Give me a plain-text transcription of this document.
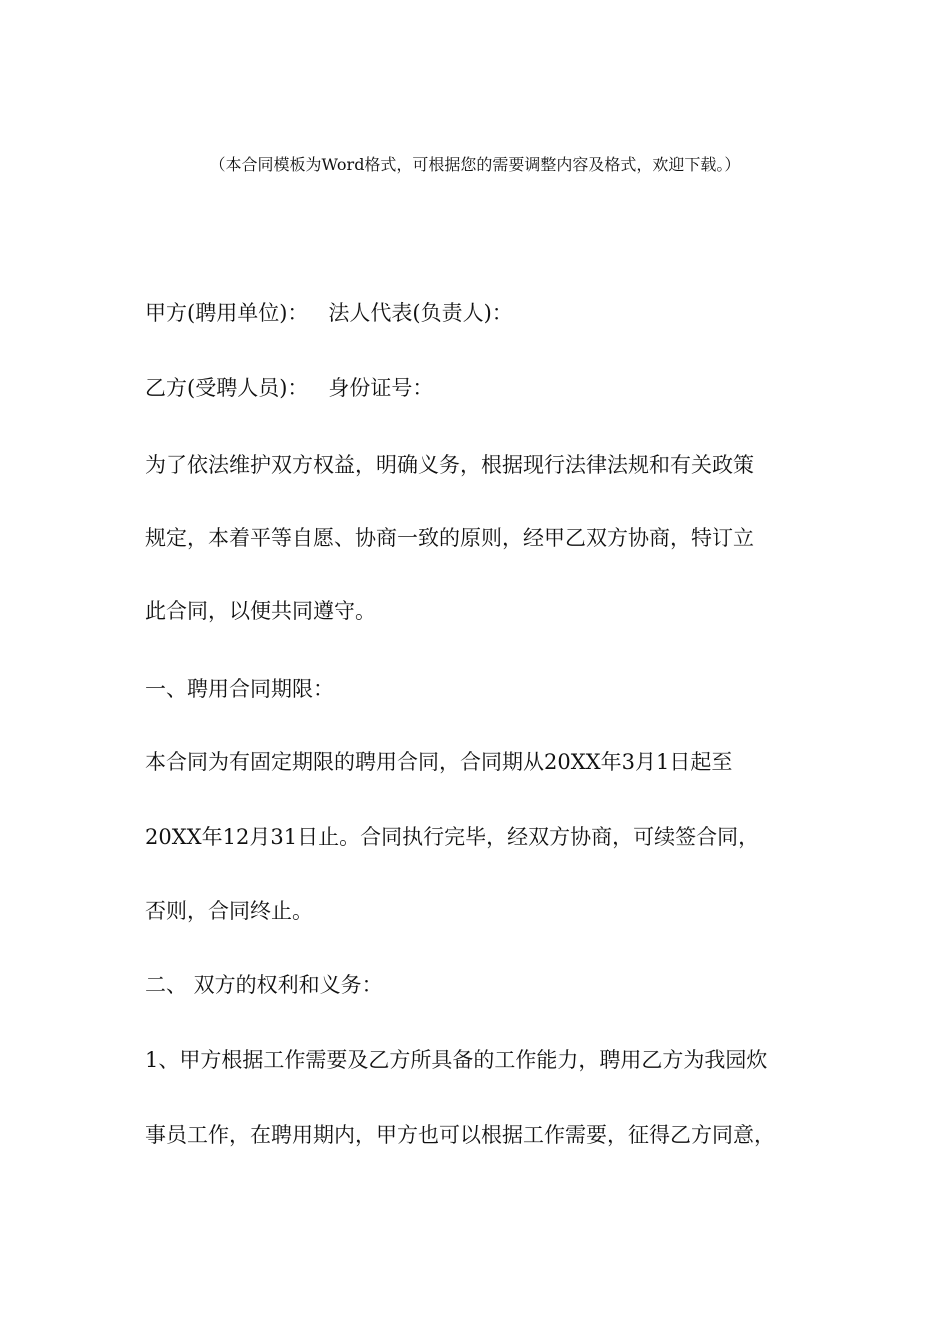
（本合同模板为Word格式，可根据您的需要调整内容及格式，欢迎下载。）
甲方(聘用单位)： 法人代表(负责人)：
乙方(受聘人员)： 身份证号：
为了依法维护双方权益，明确义务，根据现行法律法规和有关政策
规定，本着平等自愿、协商一致的原则，经甲乙双方协商，特订立
此合同，以便共同遵守。
一、聘用合同期限：
本合同为有固定期限的聘用合同，合同期从20XX年3月1日起至
20XX年12月31日止。合同执行完毕，经双方协商，可续签合同，
否则，合同终止。
二、 双方的权利和义务：
1、甲方根据工作需要及乙方所具备的工作能力，聘用乙方为我园炊
事员工作，在聘用期内，甲方也可以根据工作需要，征得乙方同意，
